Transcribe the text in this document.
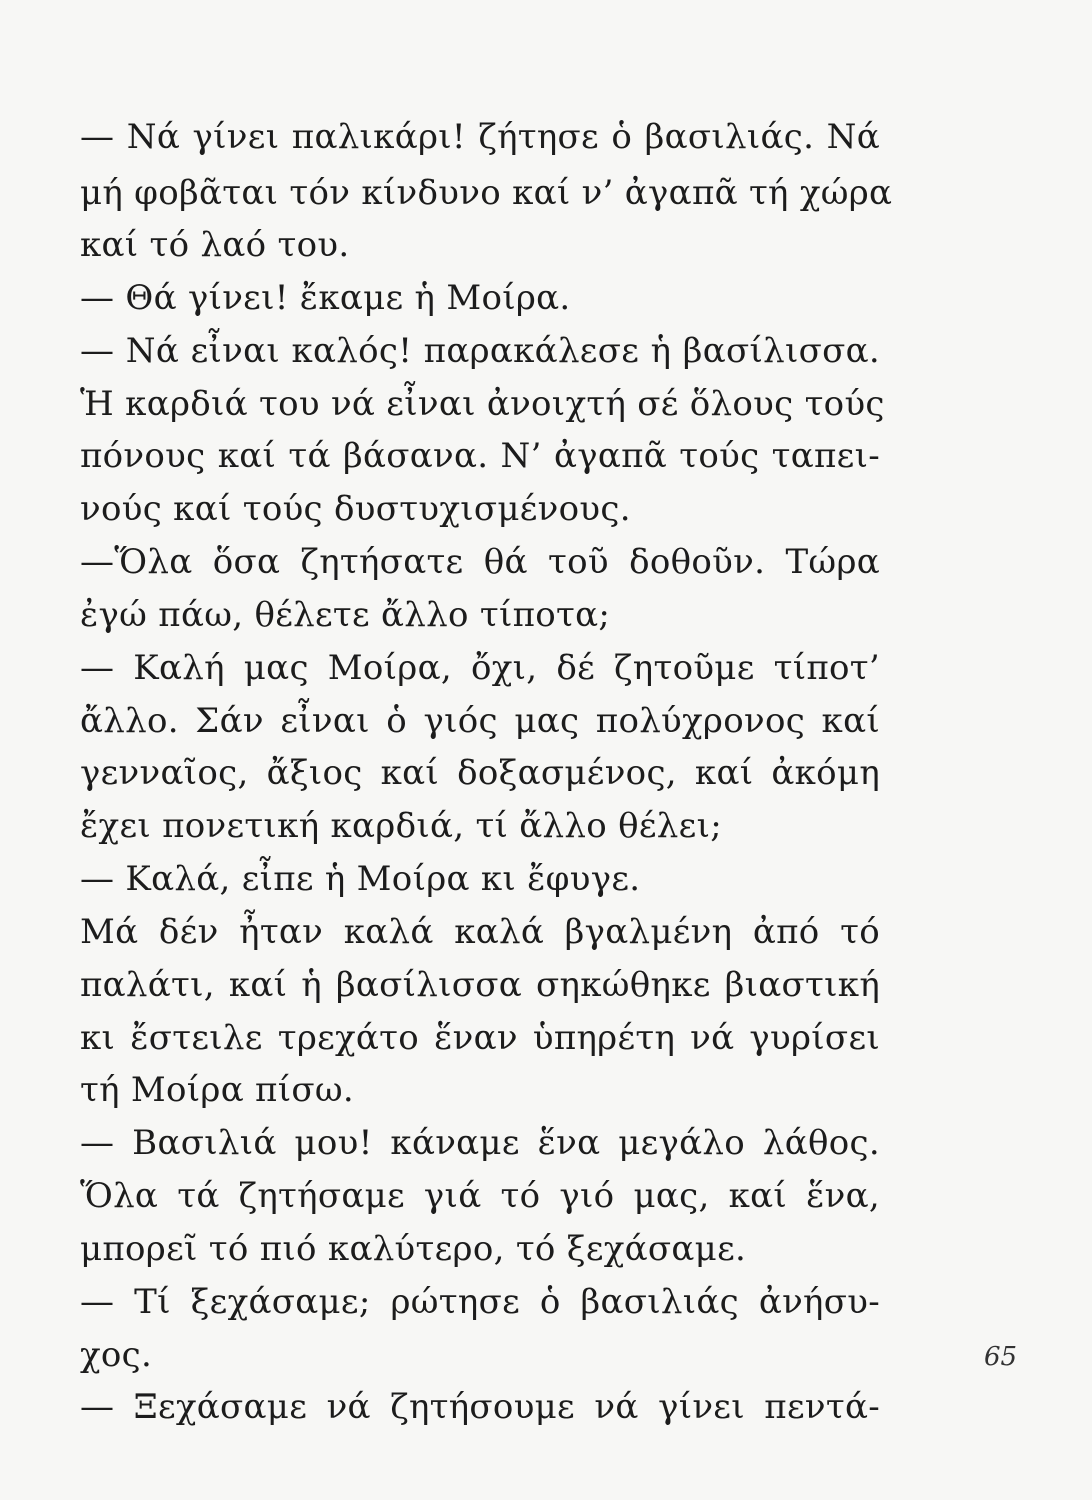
— Νά γίνει παλικάρι! ζήτησε ὁ βασιλιάς. Νά
μή φοβᾶται τόν κίνδυνο καί ν’ ἀγαπᾶ τή χώρα
καί τό λαό του.
— Θά γίνει! ἔκαμε ἡ Μοίρα.
— Νά εἶναι καλός! παρακάλεσε ἡ βασίλισσα.
Ἡ καρδιά του νά εἶναι ἀνοιχτή σέ ὅλους τούς
πόνους καί τά βάσανα. Ν’ ἀγαπᾶ τούς ταπει-
νούς καί τούς δυστυχισμένους.
—Ὅλα ὅσα ζητήσατε θά τοῦ δοθοῦν. Τώρα
ἐγώ πάω, θέλετε ἄλλο τίποτα;
— Καλή μας Μοίρα, ὄχι, δέ ζητοῦμε τίποτ’
ἄλλο. Σάν εἶναι ὁ γιός μας πολύχρονος καί
γενναῖος, ἄξιος καί δοξασμένος, καί ἀκόμη
ἔχει πονετική καρδιά, τί ἄλλο θέλει;
— Καλά, εἶπε ἡ Μοίρα κι ἔφυγε.
Μά δέν ἦταν καλά καλά βγαλμένη ἀπό τό
παλάτι, καί ἡ βασίλισσα σηκώθηκε βιαστική
κι ἔστειλε τρεχάτο ἕναν ὑπηρέτη νά γυρίσει
τή Μοίρα πίσω.
— Βασιλιά μου! κάναμε ἕνα μεγάλο λάθος.
Ὅλα τά ζητήσαμε γιά τό γιό μας, καί ἕνα,
μπορεῖ τό πιό καλύτερο, τό ξεχάσαμε.
— Τί ξεχάσαμε; ρώτησε ὁ βασιλιάς ἀνήσυ-
χος.
— Ξεχάσαμε νά ζητήσουμε νά γίνει πεντά-
65
